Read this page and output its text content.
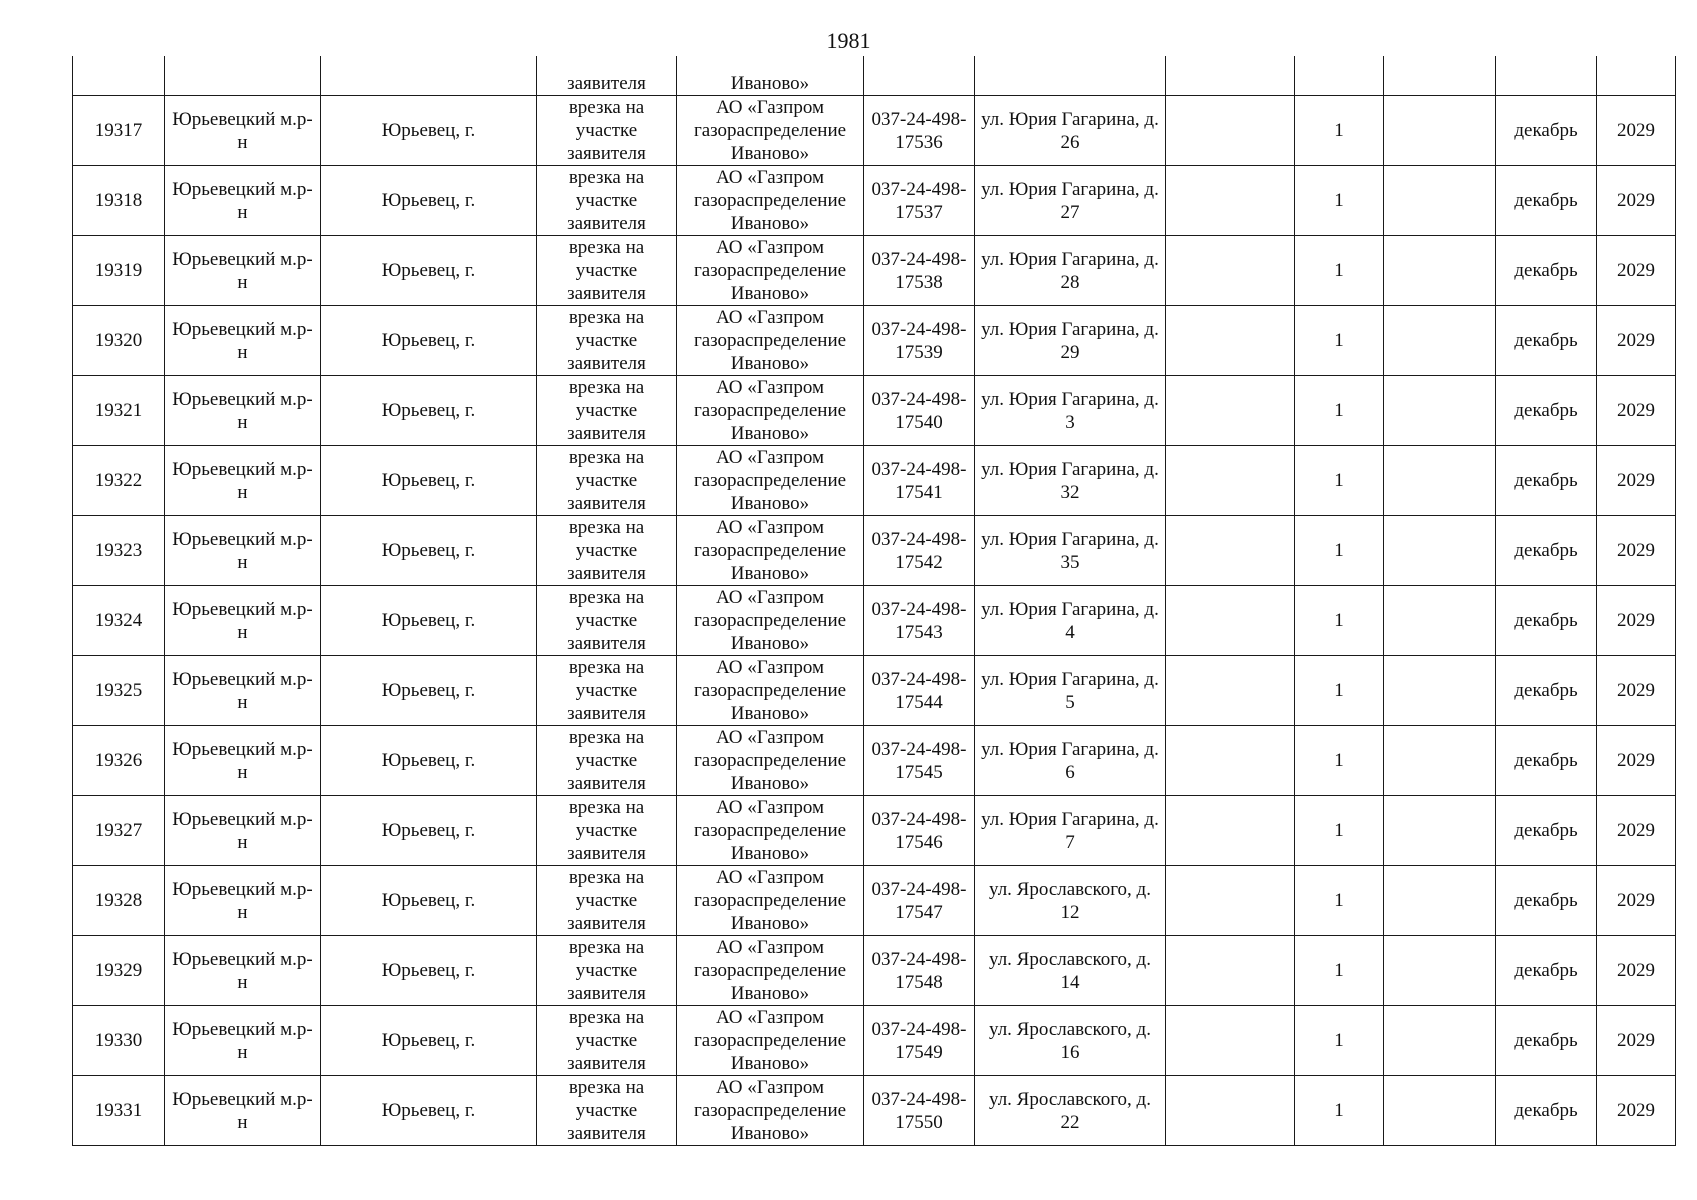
1981
			заявителя	Иваново»							
19317	Юрьевецкий м.р-н	Юрьевец, г.	врезка на участке заявителя	АО «Газпром газораспределение Иваново»	037-24-498-17536	ул. Юрия Гагарина, д. 26		1		декабрь	2029
19318	Юрьевецкий м.р-н	Юрьевец, г.	врезка на участке заявителя	АО «Газпром газораспределение Иваново»	037-24-498-17537	ул. Юрия Гагарина, д. 27		1		декабрь	2029
19319	Юрьевецкий м.р-н	Юрьевец, г.	врезка на участке заявителя	АО «Газпром газораспределение Иваново»	037-24-498-17538	ул. Юрия Гагарина, д. 28		1		декабрь	2029
19320	Юрьевецкий м.р-н	Юрьевец, г.	врезка на участке заявителя	АО «Газпром газораспределение Иваново»	037-24-498-17539	ул. Юрия Гагарина, д. 29		1		декабрь	2029
19321	Юрьевецкий м.р-н	Юрьевец, г.	врезка на участке заявителя	АО «Газпром газораспределение Иваново»	037-24-498-17540	ул. Юрия Гагарина, д. 3		1		декабрь	2029
19322	Юрьевецкий м.р-н	Юрьевец, г.	врезка на участке заявителя	АО «Газпром газораспределение Иваново»	037-24-498-17541	ул. Юрия Гагарина, д. 32		1		декабрь	2029
19323	Юрьевецкий м.р-н	Юрьевец, г.	врезка на участке заявителя	АО «Газпром газораспределение Иваново»	037-24-498-17542	ул. Юрия Гагарина, д. 35		1		декабрь	2029
19324	Юрьевецкий м.р-н	Юрьевец, г.	врезка на участке заявителя	АО «Газпром газораспределение Иваново»	037-24-498-17543	ул. Юрия Гагарина, д. 4		1		декабрь	2029
19325	Юрьевецкий м.р-н	Юрьевец, г.	врезка на участке заявителя	АО «Газпром газораспределение Иваново»	037-24-498-17544	ул. Юрия Гагарина, д. 5		1		декабрь	2029
19326	Юрьевецкий м.р-н	Юрьевец, г.	врезка на участке заявителя	АО «Газпром газораспределение Иваново»	037-24-498-17545	ул. Юрия Гагарина, д. 6		1		декабрь	2029
19327	Юрьевецкий м.р-н	Юрьевец, г.	врезка на участке заявителя	АО «Газпром газораспределение Иваново»	037-24-498-17546	ул. Юрия Гагарина, д. 7		1		декабрь	2029
19328	Юрьевецкий м.р-н	Юрьевец, г.	врезка на участке заявителя	АО «Газпром газораспределение Иваново»	037-24-498-17547	ул. Ярославского, д. 12		1		декабрь	2029
19329	Юрьевецкий м.р-н	Юрьевец, г.	врезка на участке заявителя	АО «Газпром газораспределение Иваново»	037-24-498-17548	ул. Ярославского, д. 14		1		декабрь	2029
19330	Юрьевецкий м.р-н	Юрьевец, г.	врезка на участке заявителя	АО «Газпром газораспределение Иваново»	037-24-498-17549	ул. Ярославского, д. 16		1		декабрь	2029
19331	Юрьевецкий м.р-н	Юрьевец, г.	врезка на участке заявителя	АО «Газпром газораспределение Иваново»	037-24-498-17550	ул. Ярославского, д. 22		1		декабрь	2029
